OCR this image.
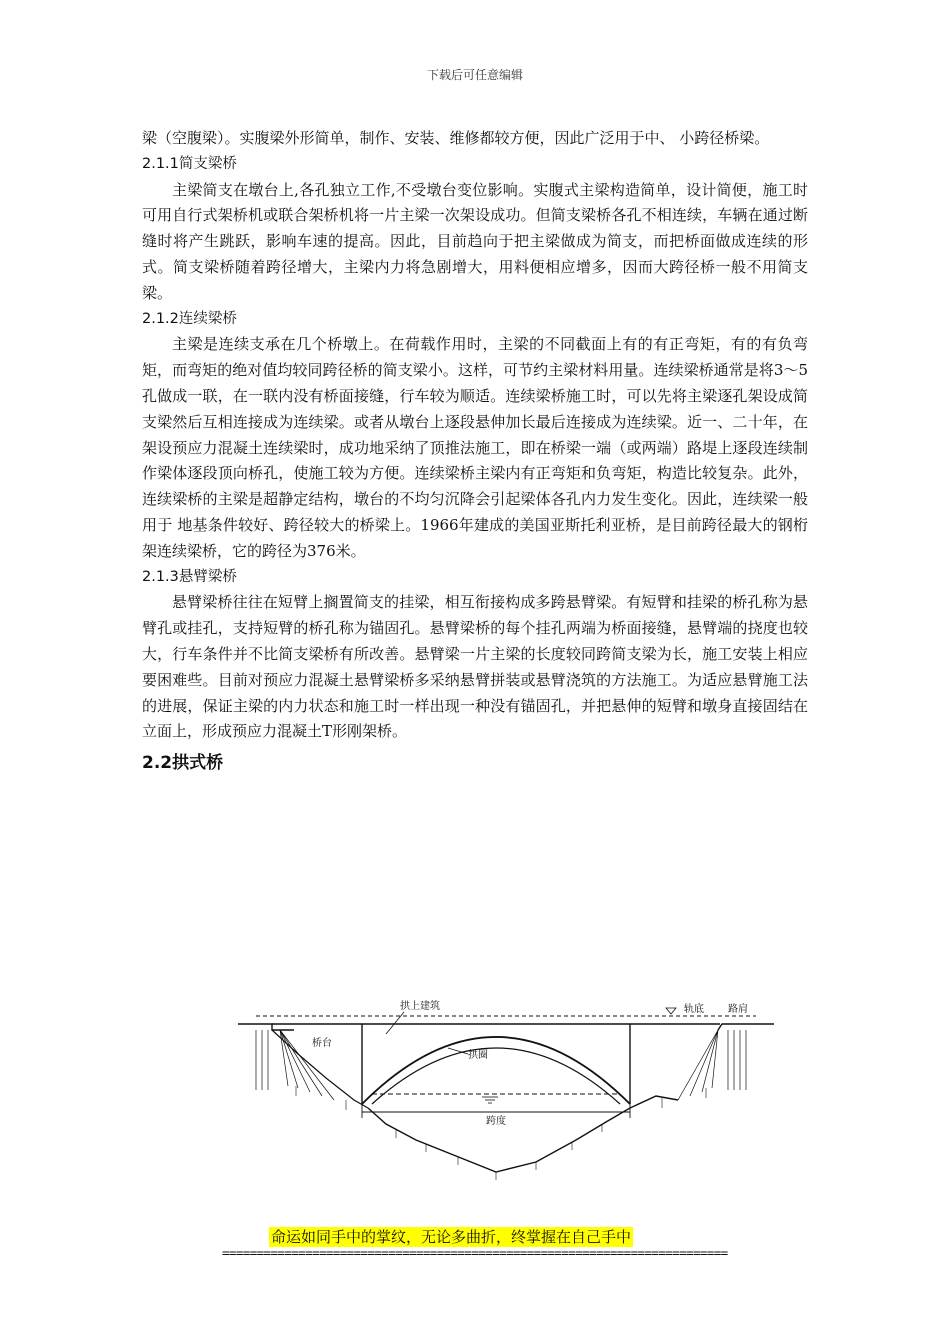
下载后可任意编辑

梁（空腹梁）。实腹梁外形简单，制作、安装、维修都较方便，因此广泛用于中、 小跨径桥梁。

2.1.1简支梁桥

主梁简支在墩台上,各孔独立工作,不受墩台变位影响。实腹式主梁构造简单，设计简便，施工时可用自行式架桥机或联合架桥机将一片主梁一次架设成功。但简支梁桥各孔不相连续，车辆在通过断缝时将产生跳跃，影响车速的提高。因此，目前趋向于把主梁做成为简支，而把桥面做成连续的形式。简支梁桥随着跨径增大，主梁内力将急剧增大，用料便相应增多，因而大跨径桥一般不用简支梁。

2.1.2连续梁桥

主梁是连续支承在几个桥墩上。在荷载作用时，主梁的不同截面上有的有正弯矩，有的有负弯矩，而弯矩的绝对值均较同跨径桥的简支梁小。这样，可节约主梁材料用量。连续梁桥通常是将3～5孔做成一联，在一联内没有桥面接缝，行车较为顺适。连续梁桥施工时，可以先将主梁逐孔架设成简支梁然后互相连接成为连续梁。或者从墩台上逐段悬伸加长最后连接成为连续梁。近一、二十年，在架设预应力混凝土连续梁时，成功地采纳了顶推法施工，即在桥梁一端（或两端）路堤上逐段连续制作梁体逐段顶向桥孔，使施工较为方便。连续梁桥主梁内有正弯矩和负弯矩，构造比较复杂。此外，连续梁桥的主梁是超静定结构，墩台的不均匀沉降会引起梁体各孔内力发生变化。因此，连续梁一般用于 地基条件较好、跨径较大的桥梁上。1966年建成的美国亚斯托利亚桥，是目前跨径最大的钢桁架连续梁桥，它的跨径为376米。

2.1.3悬臂梁桥

悬臂梁桥往往在短臂上搁置简支的挂梁，相互衔接构成多跨悬臂梁。有短臂和挂梁的桥孔称为悬臂孔或挂孔，支持短臂的桥孔称为锚固孔。悬臂梁桥的每个挂孔两端为桥面接缝，悬臂端的挠度也较大，行车条件并不比简支梁桥有所改善。悬臂梁一片主梁的长度较同跨简支梁为长，施工安装上相应要困难些。目前对预应力混凝土悬臂梁桥多采纳悬臂拼装或悬臂浇筑的方法施工。为适应悬臂施工法的进展，保证主梁的内力状态和施工时一样出现一种没有锚固孔，并把悬伸的短臂和墩身直接固结在立面上，形成预应力混凝土T形刚架桥。

2.2拱式桥
拱上建筑	轨底 路肩
桥台
拱圈
跨度
命运如同手中的掌纹，无论多曲折，终掌握在自己手中
=========================================================================
